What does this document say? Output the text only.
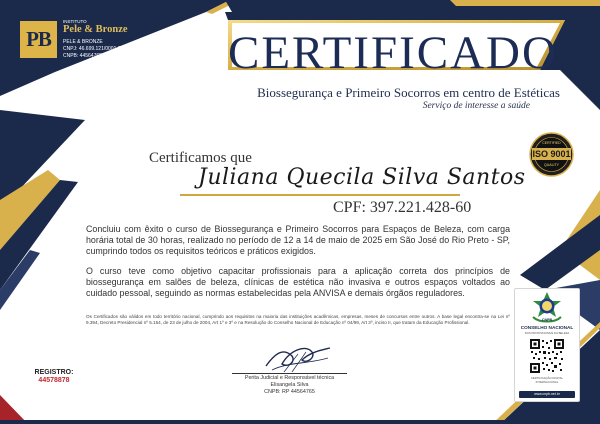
PB
INSTITUTO
Pele & Bronze
PELE & BRONZE
CNPJ: 46.699.121/0001-74
CNPB: 44564765	CERTIFICADO
Biossegurança e Primeiro Socorros em centro de Estéticas
Serviço de interesse a saúde
Certificamos que
Juliana Quecila Silva Santos
CPF: 397.221.428-60
Concluiu com êxito o curso de Biossegurança e Primeiro Socorros para Espaços de Beleza, com carga horária total de 30 horas, realizado no período de 12 a 14 de maio de 2025 em São José do Rio Preto - SP, cumprindo todos os requisitos teóricos e práticos exigidos.
O curso teve como objetivo capacitar profissionais para a aplicação correta dos princípios de biossegurança em salões de beleza, clínicas de estética não invasiva e outros espaços voltados ao cuidado pessoal, seguindo as normas estabelecidas pela ANVISA e demais órgãos reguladores.
Os Certificados são válidos em todo território nacional, cumprindo aos requisitos na maioria das instituições acadêmicas, empresas, meses de concursos entre outros. A base legal encontra-se na Lei nº 9.394, Decreto Presidencial nº 5.154, de 23 de julho de 2004, Art 1º e 3º e na Resolução do Conselho Nacional de Educação nº 04/99, Art 3º, inciso II, que tratam da Educação Profissional.
REGISTRO:
44578878	Perita Judicial e Responsável técnica
Elisangela Silva
CNPB: RP 44564765
CERTIFIED
ISO 9001
QUALITY
CNPB
CONSELHO NACIONAL
DOS PROFISSIONAIS DA BELEZA
CERTIFICAÇÃO DIGITAL
INTERNACIONAL
www.cnpb.net.br
